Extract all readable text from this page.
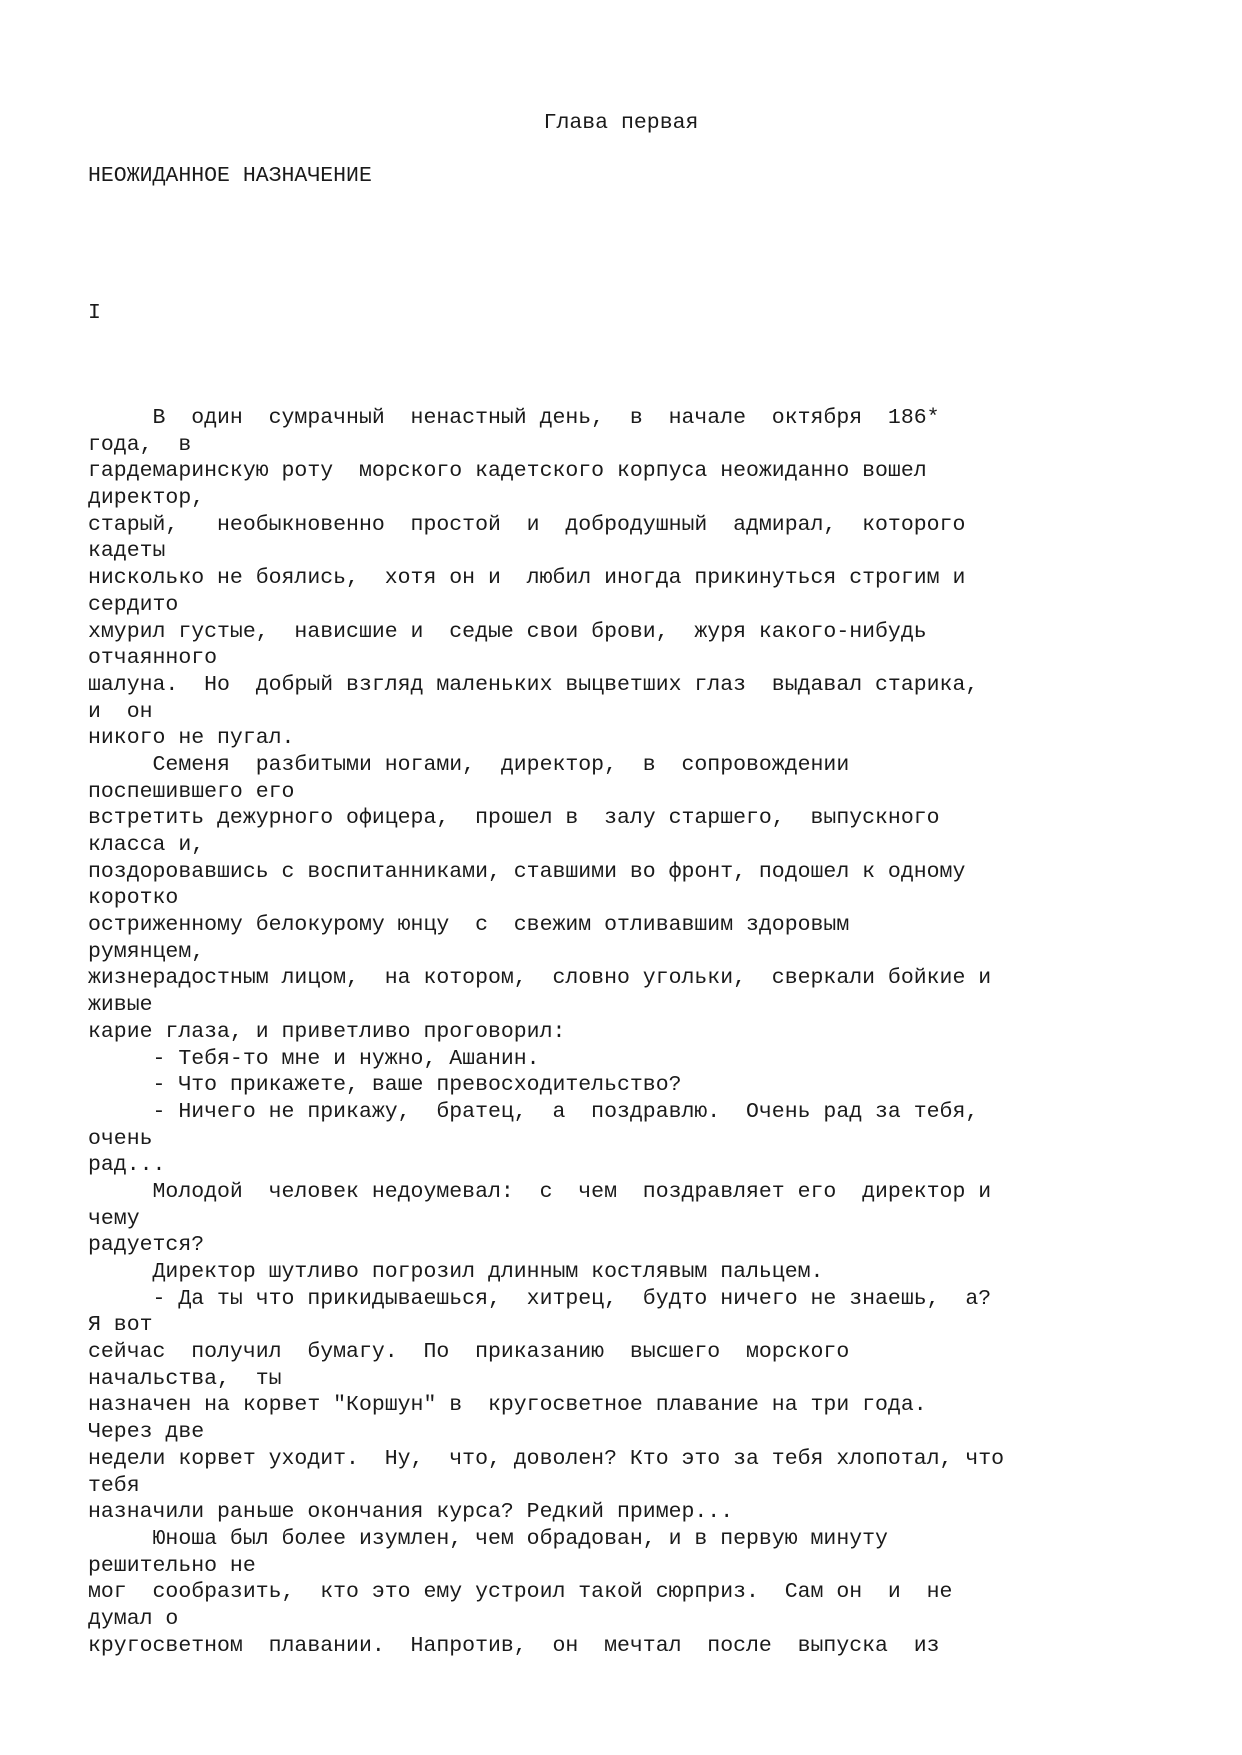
Глава первая
НЕОЖИДАННОЕ НАЗНАЧЕНИЕ
I
В  один  сумрачный  ненастный день,  в  начале  октября  186*
года,  в
гардемаринскую роту  морского кадетского корпуса неожиданно вошел
директор,
старый,   необыкновенно  простой  и  добродушный  адмирал,  которого
кадеты
нисколько не боялись,  хотя он и  любил иногда прикинуться строгим и
сердито
хмурил густые,  нависшие и  седые свои брови,  журя какого-нибудь
отчаянного
шалуна.  Но  добрый взгляд маленьких выцветших глаз  выдавал старика,
и  он
никого не пугал.
Семеня  разбитыми ногами,  директор,  в  сопровождении
поспешившего его
встретить дежурного офицера,  прошел в  залу старшего,  выпускного
класса и,
поздоровавшись с воспитанниками, ставшими во фронт, подошел к одному
коротко
остриженному белокурому юнцу  с  свежим отливавшим здоровым
румянцем,
жизнерадостным лицом,  на котором,  словно угольки,  сверкали бойкие и
живые
карие глаза, и приветливо проговорил:
- Тебя-то мне и нужно, Ашанин.
- Что прикажете, ваше превосходительство?
- Ничего не прикажу,  братец,  а  поздравлю.  Очень рад за тебя,
очень
рад...
Молодой  человек недоумевал:  с  чем  поздравляет его  директор и
чему
радуется?
Директор шутливо погрозил длинным костлявым пальцем.
- Да ты что прикидываешься,  хитрец,  будто ничего не знаешь,  а?
Я вот
сейчас  получил  бумагу.  По  приказанию  высшего  морского
начальства,  ты
назначен на корвет "Коршун" в  кругосветное плавание на три года.
Через две
недели корвет уходит.  Ну,  что, доволен? Кто это за тебя хлопотал, что
тебя
назначили раньше окончания курса? Редкий пример...
Юноша был более изумлен, чем обрадован, и в первую минуту
решительно не
мог  сообразить,  кто это ему устроил такой сюрприз.  Сам он  и  не
думал о
кругосветном  плавании.  Напротив,  он  мечтал  после  выпуска  из
